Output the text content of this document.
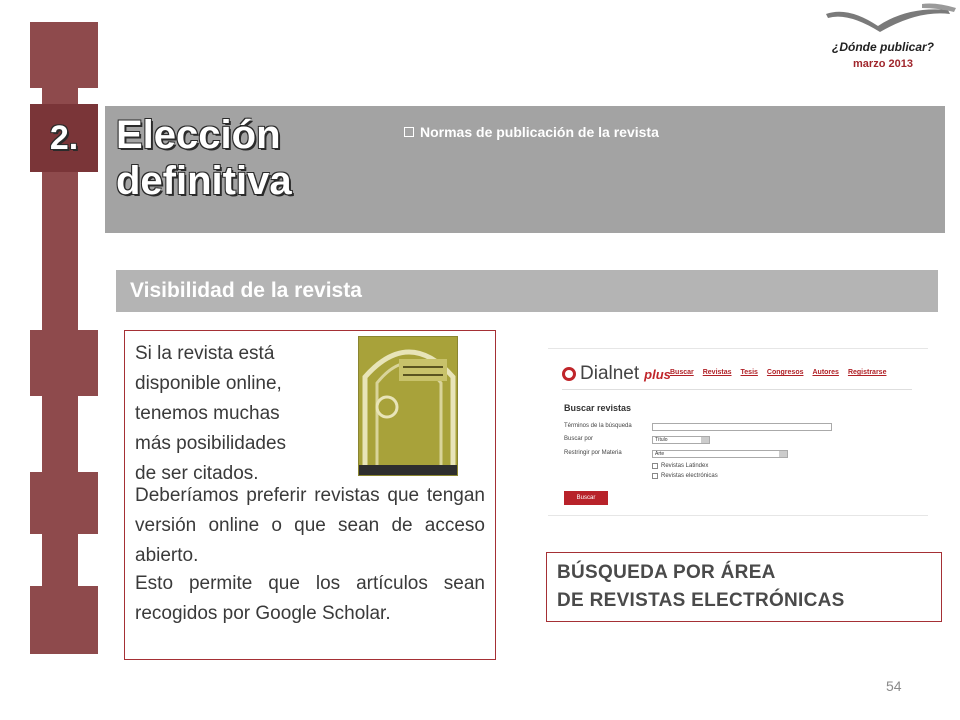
¿Dónde publicar?
marzo 2013
2. Elección
definitiva
Normas de publicación de la revista
Visibilidad de la revista
Si la revista está
disponible online,
tenemos muchas
más posibilidades
de ser citados.
Deberíamos preferir revistas que tengan versión online o que sean de acceso abierto.
Esto permite que los artículos sean recogidos por Google Scholar.
Dialnet plus Buscar Revistas Tesis Congresos Autores Registrarse
Buscar revistas
Términos de la búsqueda
Buscar por	Título
Restringir por Materia	Arte
Revistas Latindex
Revistas electrónicas
Buscar
BÚSQUEDA POR ÁREA
DE REVISTAS ELECTRÓNICAS
54
